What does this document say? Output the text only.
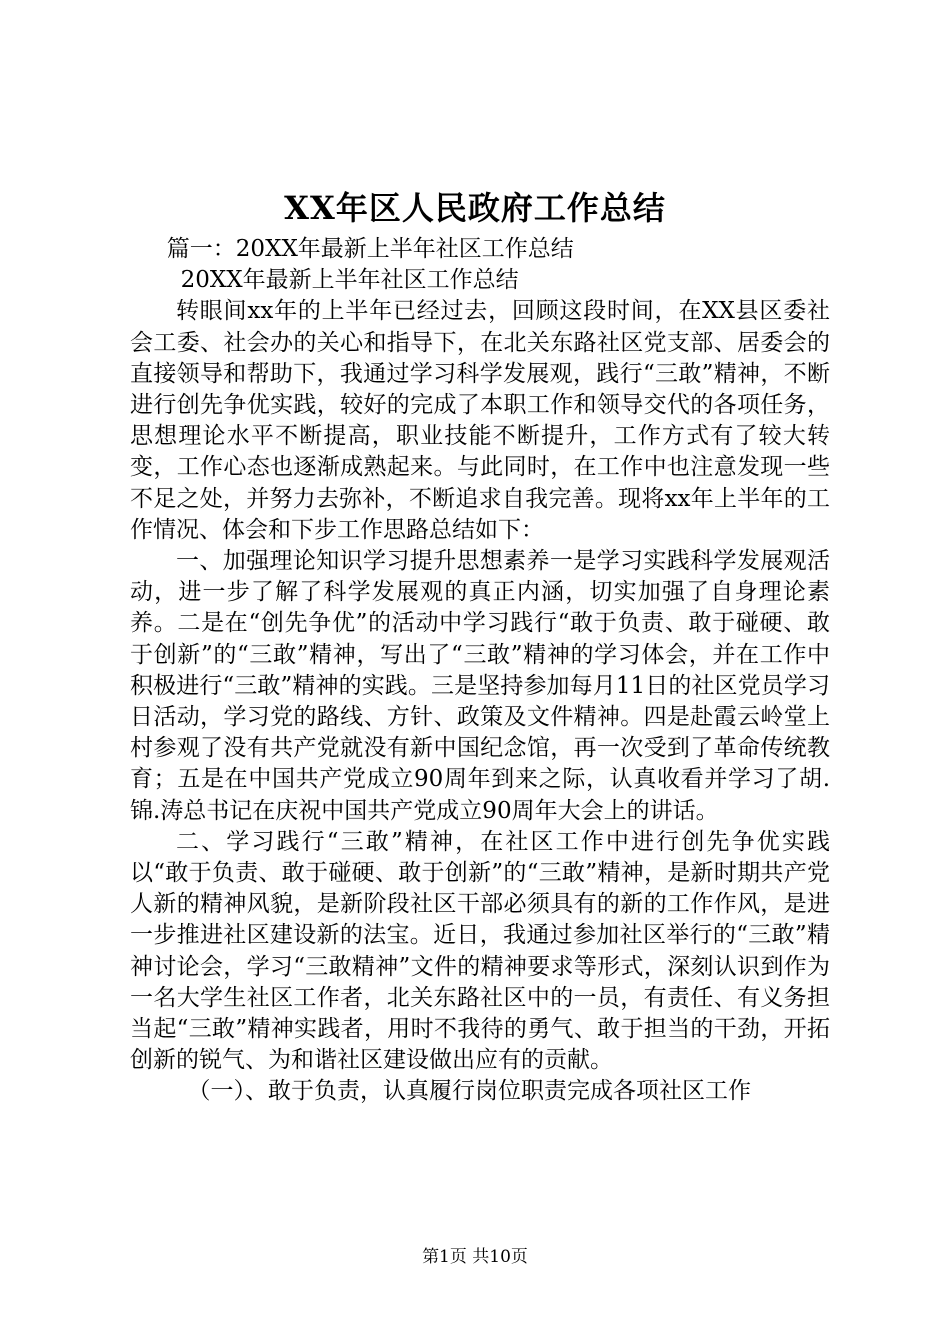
XX年区人民政府工作总结

篇一：20XX年最新上半年社区工作总结

20XX年最新上半年社区工作总结

转眼间xx年的上半年已经过去，回顾这段时间，在XX县区委社会工委、社会办的关心和指导下，在北关东路社区党支部、居委会的直接领导和帮助下，我通过学习科学发展观，践行“三敢”精神，不断进行创先争优实践，较好的完成了本职工作和领导交代的各项任务，思想理论水平不断提高，职业技能不断提升，工作方式有了较大转变，工作心态也逐渐成熟起来。与此同时，在工作中也注意发现一些不足之处，并努力去弥补，不断追求自我完善。现将xx年上半年的工作情况、体会和下步工作思路总结如下：

一、加强理论知识学习提升思想素养一是学习实践科学发展观活动，进一步了解了科学发展观的真正内涵，切实加强了自身理论素养。二是在“创先争优”的活动中学习践行“敢于负责、敢于碰硬、敢于创新”的“三敢”精神，写出了“三敢”精神的学习体会，并在工作中积极进行“三敢”精神的实践。三是坚持参加每月11日的社区党员学习日活动，学习党的路线、方针、政策及文件精神。四是赴霞云岭堂上村参观了没有共产党就没有新中国纪念馆，再一次受到了革命传统教育；五是在中国共产党成立90周年到来之际，认真收看并学习了胡.锦.涛总书记在庆祝中国共产党成立90周年大会上的讲话。

二、学习践行“三敢”精神，在社区工作中进行创先争优实践以“敢于负责、敢于碰硬、敢于创新”的“三敢”精神，是新时期共产党人新的精神风貌，是新阶段社区干部必须具有的新的工作作风，是进一步推进社区建设新的法宝。近日，我通过参加社区举行的“三敢”精神讨论会，学习“三敢精神”文件的精神要求等形式，深刻认识到作为一名大学生社区工作者，北关东路社区中的一员，有责任、有义务担当起“三敢”精神实践者，用时不我待的勇气、敢于担当的干劲，开拓创新的锐气、为和谐社区建设做出应有的贡献。

（一）、敢于负责，认真履行岗位职责完成各项社区工作

第1页 共10页
